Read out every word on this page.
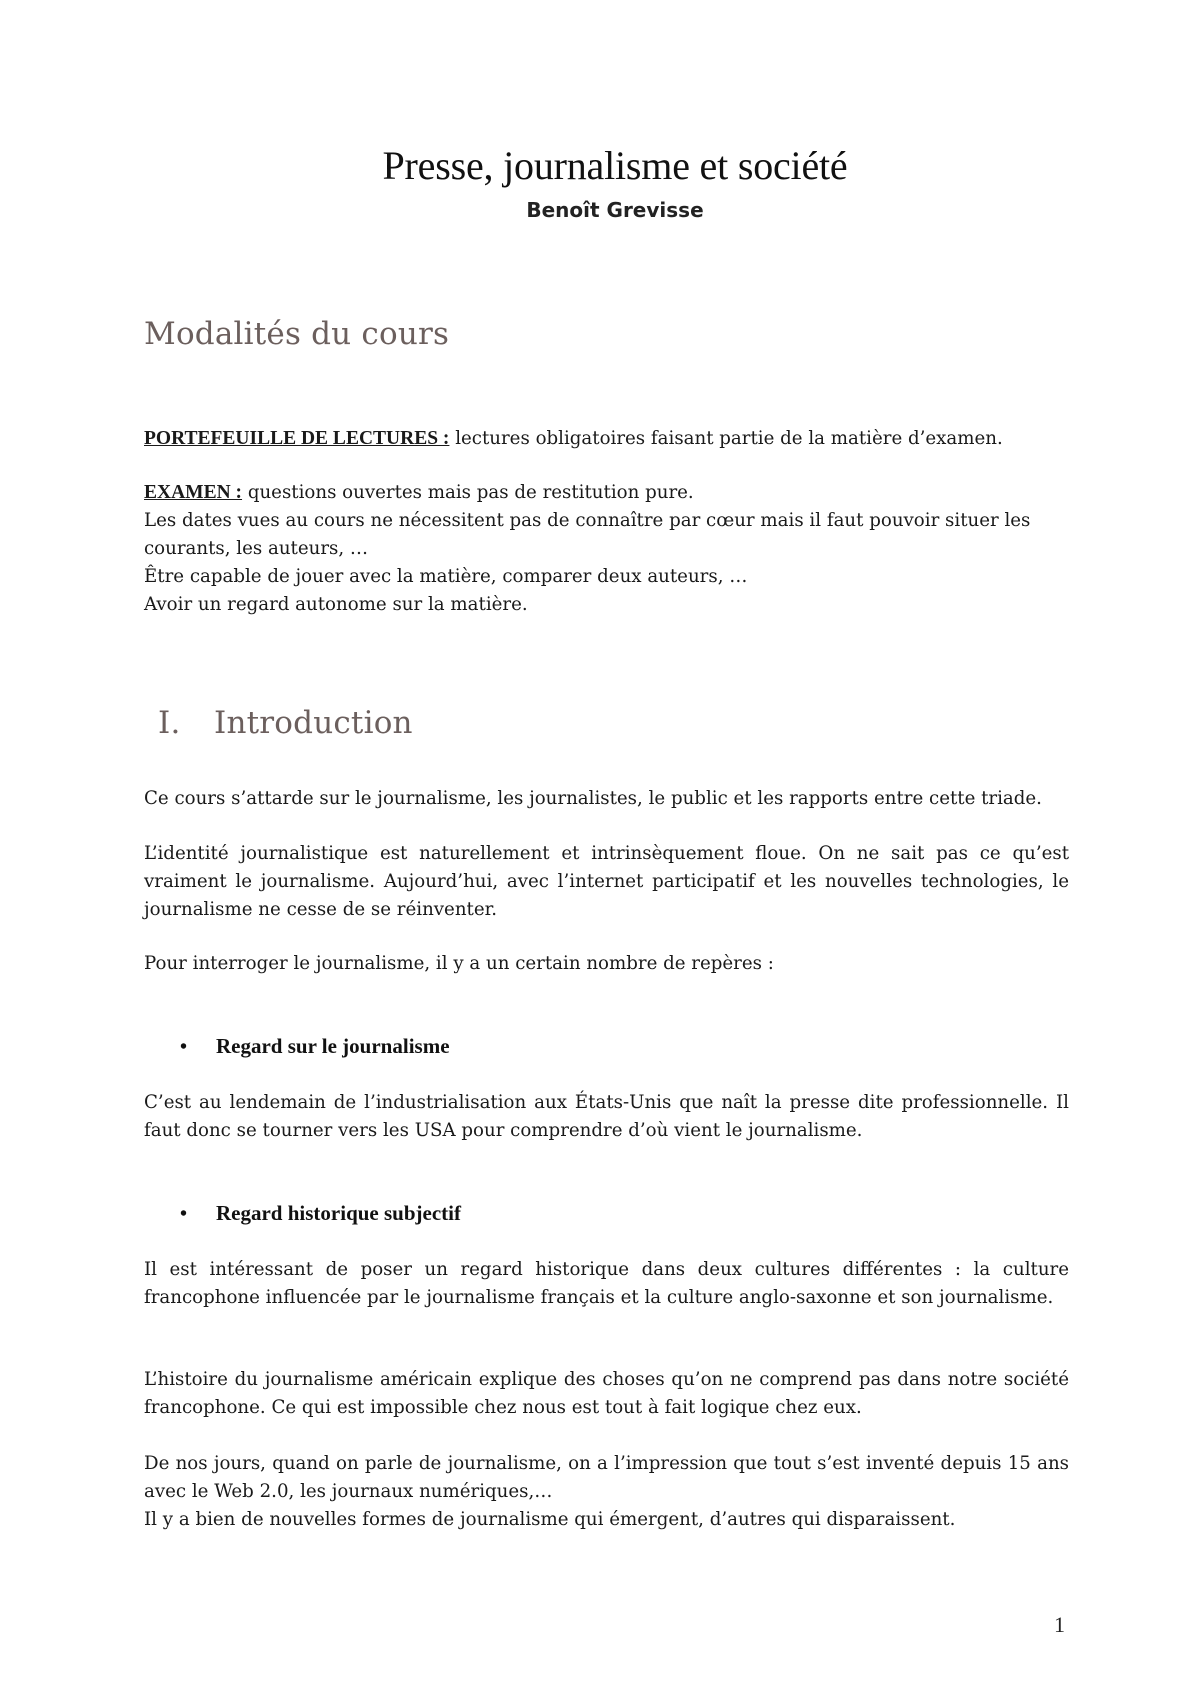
Presse, journalisme et société
Benoît Grevisse
Modalités du cours

PORTEFEUILLE DE LECTURES : lectures obligatoires faisant partie de la matière d’examen.

EXAMEN : questions ouvertes mais pas de restitution pure.
Les dates vues au cours ne nécessitent pas de connaître par cœur mais il faut pouvoir situer les courants, les auteurs, …
Être capable de jouer avec la matière, comparer deux auteurs, …
Avoir un regard autonome sur la matière.

I. Introduction

Ce cours s’attarde sur le journalisme, les journalistes, le public et les rapports entre cette triade.

L’identité journalistique est naturellement et intrinsèquement floue. On ne sait pas ce qu’est vraiment le journalisme. Aujourd’hui, avec l’internet participatif et les nouvelles technologies, le journalisme ne cesse de se réinventer.

Pour interroger le journalisme, il y a un certain nombre de repères :

• Regard sur le journalisme

C’est au lendemain de l’industrialisation aux États-Unis que naît la presse dite professionnelle. Il faut donc se tourner vers les USA pour comprendre d’où vient le journalisme.

• Regard historique subjectif

Il est intéressant de poser un regard historique dans deux cultures différentes : la culture francophone influencée par le journalisme français et la culture anglo-saxonne et son journalisme.

L’histoire du journalisme américain explique des choses qu’on ne comprend pas dans notre société francophone. Ce qui est impossible chez nous est tout à fait logique chez eux.

De nos jours, quand on parle de journalisme, on a l’impression que tout s’est inventé depuis 15 ans avec le Web 2.0, les journaux numériques,…
Il y a bien de nouvelles formes de journalisme qui émergent, d’autres qui disparaissent.

1
